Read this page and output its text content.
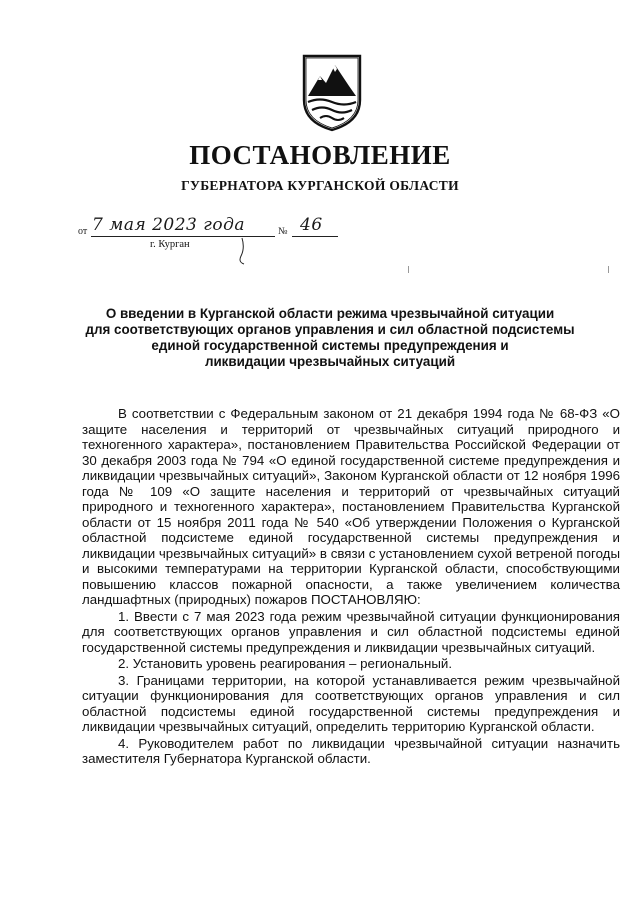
ПОСТАНОВЛЕНИЕ
ГУБЕРНАТОРА КУРГАНСКОЙ ОБЛАСТИ
от 7 мая 2023 года	№ 46
г. Курган
О введении в Курганской области режима чрезвычайной ситуации
для соответствующих органов управления и сил областной подсистемы
единой государственной системы предупреждения и
ликвидации чрезвычайных ситуаций

В соответствии с Федеральным законом от 21 декабря 1994 года № 68-ФЗ «О защите населения и территорий от чрезвычайных ситуаций природного и техногенного характера», постановлением Правительства Российской Федерации от 30 декабря 2003 года № 794 «О единой государственной системе предупреждения и ликвидации чрезвычайных ситуаций», Законом Курганской области от 12 ноября 1996 года № 109 «О защите населения и территорий от чрезвычайных ситуаций природного и техногенного характера», постановлением Правительства Курганской области от 15 ноября 2011 года № 540 «Об утверждении Положения о Курганской областной подсистеме единой государственной системы предупреждения и ликвидации чрезвычайных ситуаций» в связи с установлением сухой ветреной погоды и высокими температурами на территории Курганской области, способствующими повышению классов пожарной опасности, а также увеличением количества ландшафтных (природных) пожаров ПОСТАНОВЛЯЮ:

1. Ввести с 7 мая 2023 года режим чрезвычайной ситуации функционирования для соответствующих органов управления и сил областной подсистемы единой государственной системы предупреждения и ликвидации чрезвычайных ситуаций.

2. Установить уровень реагирования – региональный.

3. Границами территории, на которой устанавливается режим чрезвычайной ситуации функционирования для соответствующих органов управления и сил областной подсистемы единой государственной системы предупреждения и ликвидации чрезвычайных ситуаций, определить территорию Курганской области.

4. Руководителем работ по ликвидации чрезвычайной ситуации назначить заместителя Губернатора Курганской области.
